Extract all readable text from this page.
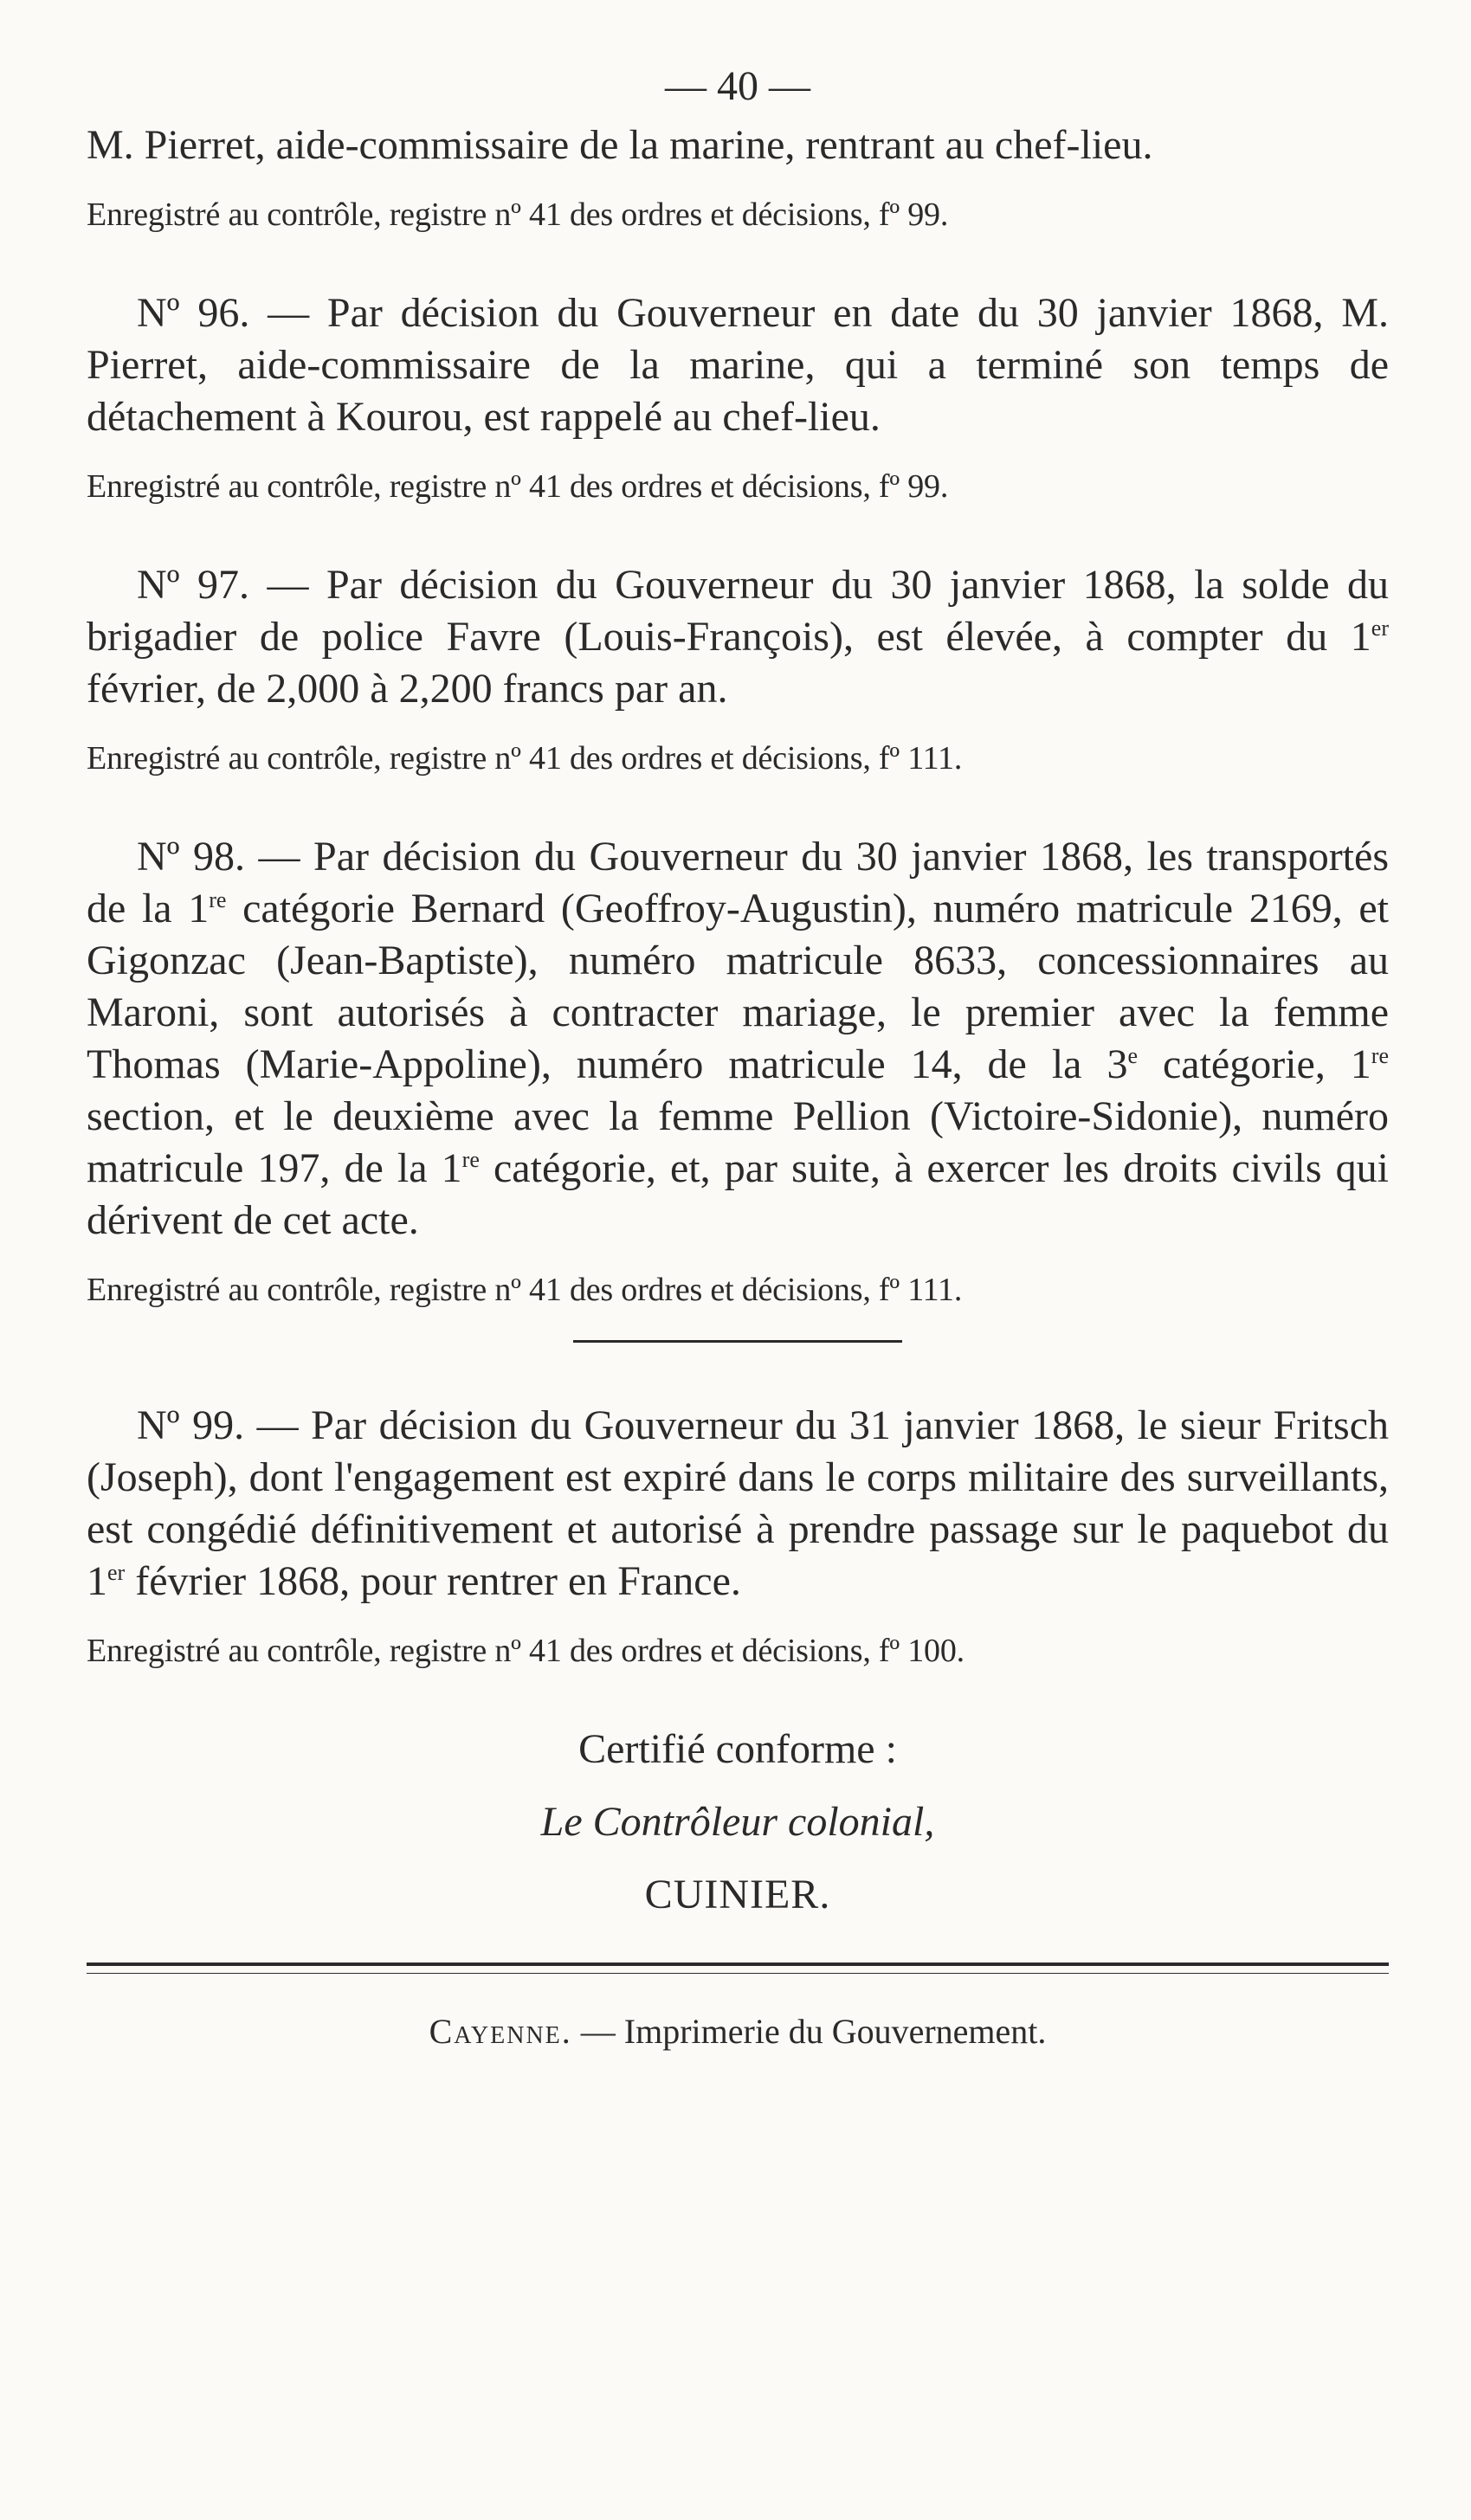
— 40 —

M. Pierret, aide-commissaire de la marine, rentrant au chef-lieu.

Enregistré au contrôle, registre nº 41 des ordres et décisions, fº 99.

Nº 96. — Par décision du Gouverneur en date du 30 janvier 1868, M. Pierret, aide-commissaire de la marine, qui a terminé son temps de détachement à Kourou, est rappelé au chef-lieu.

Enregistré au contrôle, registre nº 41 des ordres et décisions, fº 99.

Nº 97. — Par décision du Gouverneur du 30 janvier 1868, la solde du brigadier de police Favre (Louis-François), est élevée, à compter du 1er février, de 2,000 à 2,200 francs par an.

Enregistré au contrôle, registre nº 41 des ordres et décisions, fº 111.

Nº 98. — Par décision du Gouverneur du 30 janvier 1868, les transportés de la 1re catégorie Bernard (Geoffroy-Augustin), numéro matricule 2169, et Gigonzac (Jean-Baptiste), numéro matricule 8633, concessionnaires au Maroni, sont autorisés à contracter mariage, le premier avec la femme Thomas (Marie-Appoline), numéro matricule 14, de la 3e catégorie, 1re section, et le deuxième avec la femme Pellion (Victoire-Sidonie), numéro matricule 197, de la 1re catégorie, et, par suite, à exercer les droits civils qui dérivent de cet acte.

Enregistré au contrôle, registre nº 41 des ordres et décisions, fº 111.

Nº 99. — Par décision du Gouverneur du 31 janvier 1868, le sieur Fritsch (Joseph), dont l'engagement est expiré dans le corps militaire des surveillants, est congédié définitivement et autorisé à prendre passage sur le paquebot du 1er février 1868, pour rentrer en France.

Enregistré au contrôle, registre nº 41 des ordres et décisions, fº 100.
Certifié conforme :
Le Contrôleur colonial,
CUINIER.
Cayenne. — Imprimerie du Gouvernement.
